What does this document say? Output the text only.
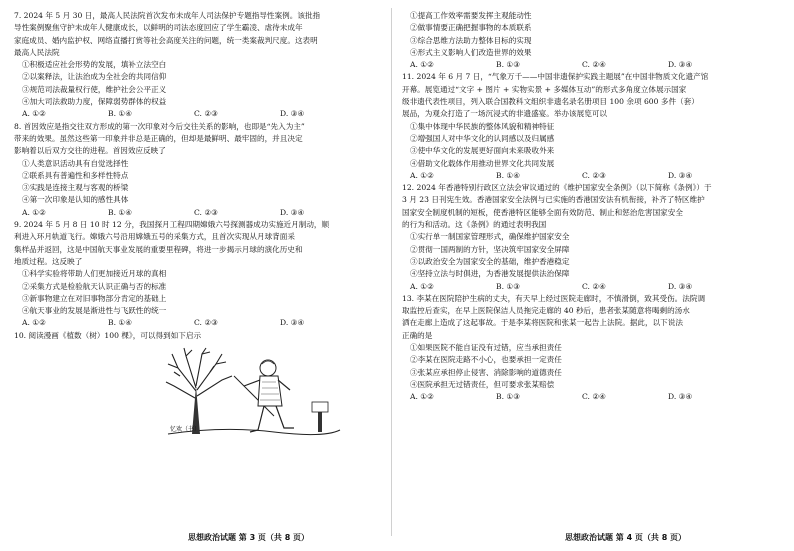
7. 2024 年 5 月 30 日，最高人民法院首次发布未成年人司法保护专题指导性案例。该批指
导性案例聚焦守护未成年人健康成长，以鲜明的司法态度回应了学生霸凌、虐待未成年
家庭成员、婚内监护权、网络直播打赏等社会高度关注的问题，统一类案裁判尺度。这表明
最高人民法院
①积极适应社会形势的发展，填补立法空白
②以案释法，让法治成为全社会的共同信仰
③规范司法裁量权行使，维护社会公平正义
④加大司法救助力度，保障弱势群体的权益
A. ①②	B. ①④	C. ②③	D. ③④
8. 首因效应是指交往双方形成的第一次印象对今后交往关系的影响，也即是“先入为主”
带来的效果。虽然这些第一印象并非总是正确的，但却是最鲜明、最牢固的，并且决定
影响着以后双方交往的进程。首因效应反映了
①人类意识活动具有自觉选择性
②联系具有普遍性和多样性特点
③实践是连接主观与客观的桥梁
④第一次印象是认知的感性具体
A. ①②	B. ①④	C. ②③	D. ③④
9. 2024 年 5 月 8 日 10 时 12 分，我国探月工程四期嫦娥六号探测器成功实施近月制动，顺
利进入环月轨道飞行。嫦娥六号沿用嫦娥五号的采集方式，且首次实现从月球背面采
集样品并返回，这是中国航天事业发展的重要里程碑，将进一步揭示月球的演化历史和
地质过程。这反映了
①科学实验将带助人们更加接近月球的真相
②采集方式是检验航天认识正确与否的标准
③新事物建立在对旧事物部分肯定的基础上
④航天事业的发展是渐进性与飞跃性的统一
A. ①②	B. ①④	C. ②③	D. ③④
10. 阅读漫画《植数（树）100 棵》，可以得到如下启示
忆欢（书）
①提高工作效率需要发挥主观能动性
②做事情要正确把握事物的本质联系
③综合思维方法助力整体目标的实现
④形式主义影响人们改造世界的效果
A. ①②	B. ①③	C. ②④	D. ③④
11. 2024 年 6 月 7 日，“气象万千——中国非遗保护实践主题展”在中国非物质文化遗产馆
开幕。展览通过“文字 + 图片 + 实物实景 + 多媒体互动”的形式多角度立体展示国家
级非遗代表性项目，列入联合国教科文组织非遗名录名册项目 100 余项 600 多件（套）
展品，为观众打造了一场沉浸式的非遗盛宴。举办该展览可以
①集中体现中华民族的整体风貌和精神特征
②增强国人对中华文化的认同感以及归属感
③使中华文化的发展更好面向未来吸收外来
④借助文化载体作用推动世界文化共同发展
A. ①②	B. ①④	C. ②③	D. ③④
12. 2024 年香港特别行政区立法会审议通过的《维护国家安全条例》（以下简称《条例》）于
3 月 23 日刊宪生效。香港国家安全法例与已实施的香港国安法有机衔接，补齐了特区维护
国家安全制度机制的短板，使香港特区能够全面有效防范、制止和惩治危害国家安全
的行为和活动。这《条例》的通过表明我国
①实行单一制国家管理形式，确保维护国家安全
②贯彻一国两制的方针，坚决筑牢国家安全屏障
③以政治安全为国家安全的基础，维护香港稳定
④坚持立法与时俱进，为香港发展提供法治保障
A. ①②	B. ①③	C. ②④	D. ③④
13. 李某在医院陪护生病的丈夫，有天早上经过医院走廊时，不慎滑倒，致其受伤。法院调
取监控后查实，在早上医院保洁人员拖完走廊的 40 秒后，患者张某随意将喝剩的汤水
洒在走廊上造成了这起事故。于是李某将医院和张某一起告上法院。据此，以下说法
正确的是
①如果医院不能自证没有过错，应当承担责任
②李某在医院走路不小心，也要承担一定责任
③张某应承担停止侵害、消除影响的道德责任
④医院承担无过错责任，但可要求张某赔偿
A. ①②	B. ①③	C. ②④	D. ③④
思想政治试题 第 3 页（共 8 页）	思想政治试题 第 4 页（共 8 页）
